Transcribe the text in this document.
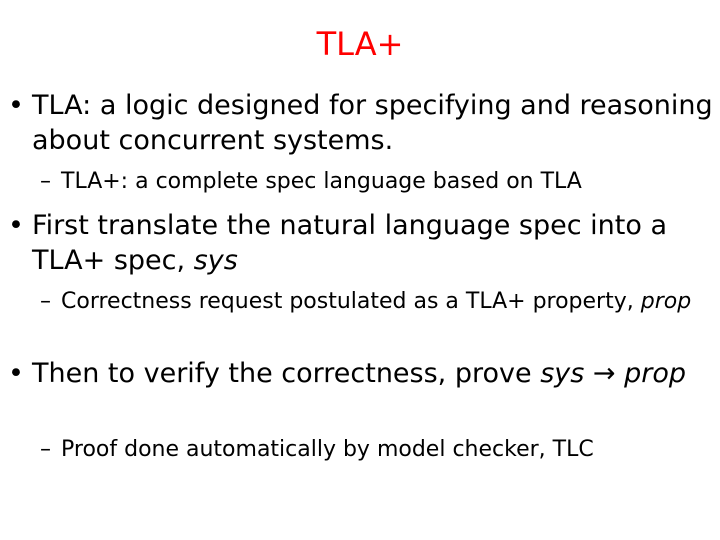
TLA+
• TLA: a logic designed for specifying and reasoning about concurrent systems.
– TLA+: a complete spec language based on TLA
• First translate the natural language spec into a TLA+ spec, sys
– Correctness request postulated as a TLA+ property, prop
• Then to verify the correctness, prove sys → prop
– Proof done automatically by model checker, TLC
